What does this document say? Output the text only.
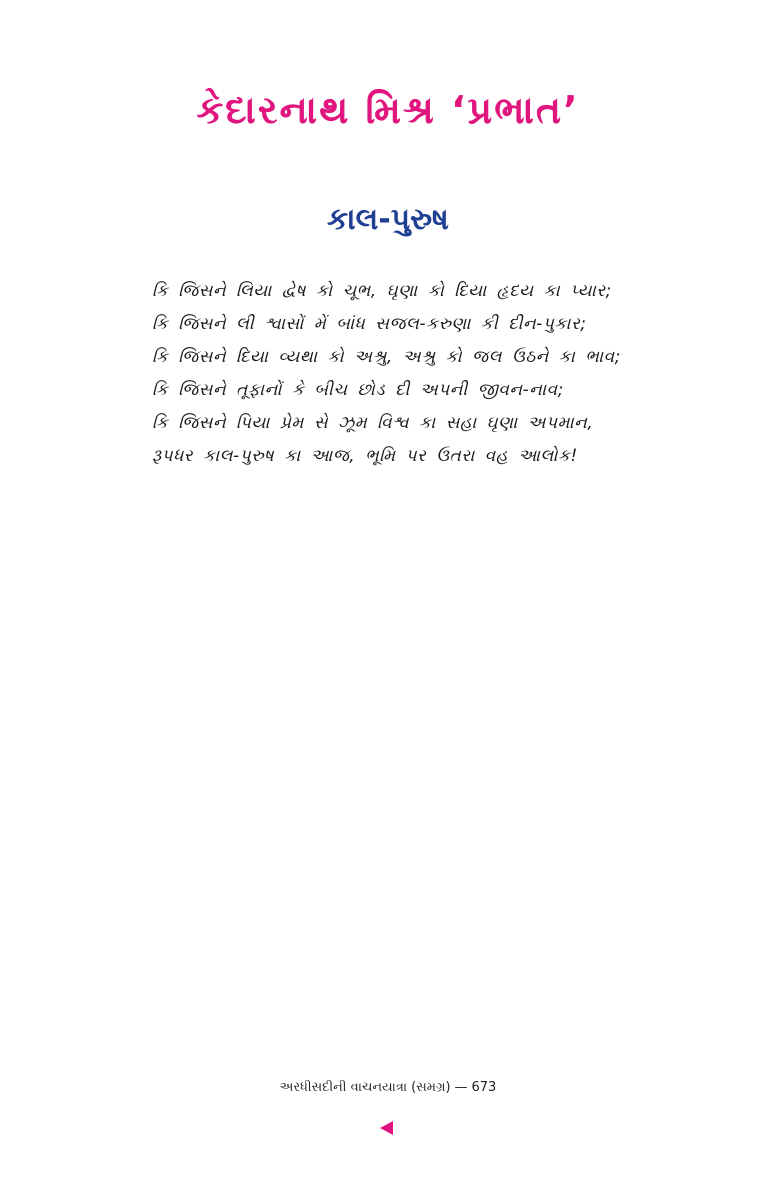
કેદારનાથ મિશ્ર ‘પ્રભાત’
કાલ-પુરુષ
કિ જિસને લિયા દ્વેષ કો ચૂભ, ઘૃણા કો દિયા હૃદય કા પ્યાર;
કિ જિસને લી શ્વાસોં મેં બાંધ સજલ-કરુણા કી દીન-પુકાર;
કિ જિસને દિયા વ્યથા કો અશ્રુ, અશ્રુ કો જલ ઉઠને કા ભાવ;
કિ જિસને તૂફાનોં કે બીચ છોડ દી અપની જીવન-નાવ;
કિ જિસને પિયા પ્રેમ સે ઝૂમ વિશ્વ કા સહા ઘૃણા અપમાન,
રૂપધર કાલ-પુરુષ કા આજ, ભૂમિ પર ઉતરા વહ આલોક!
અરધીસદીની વાચનયાત્રા (સમગ્ર) — 673
